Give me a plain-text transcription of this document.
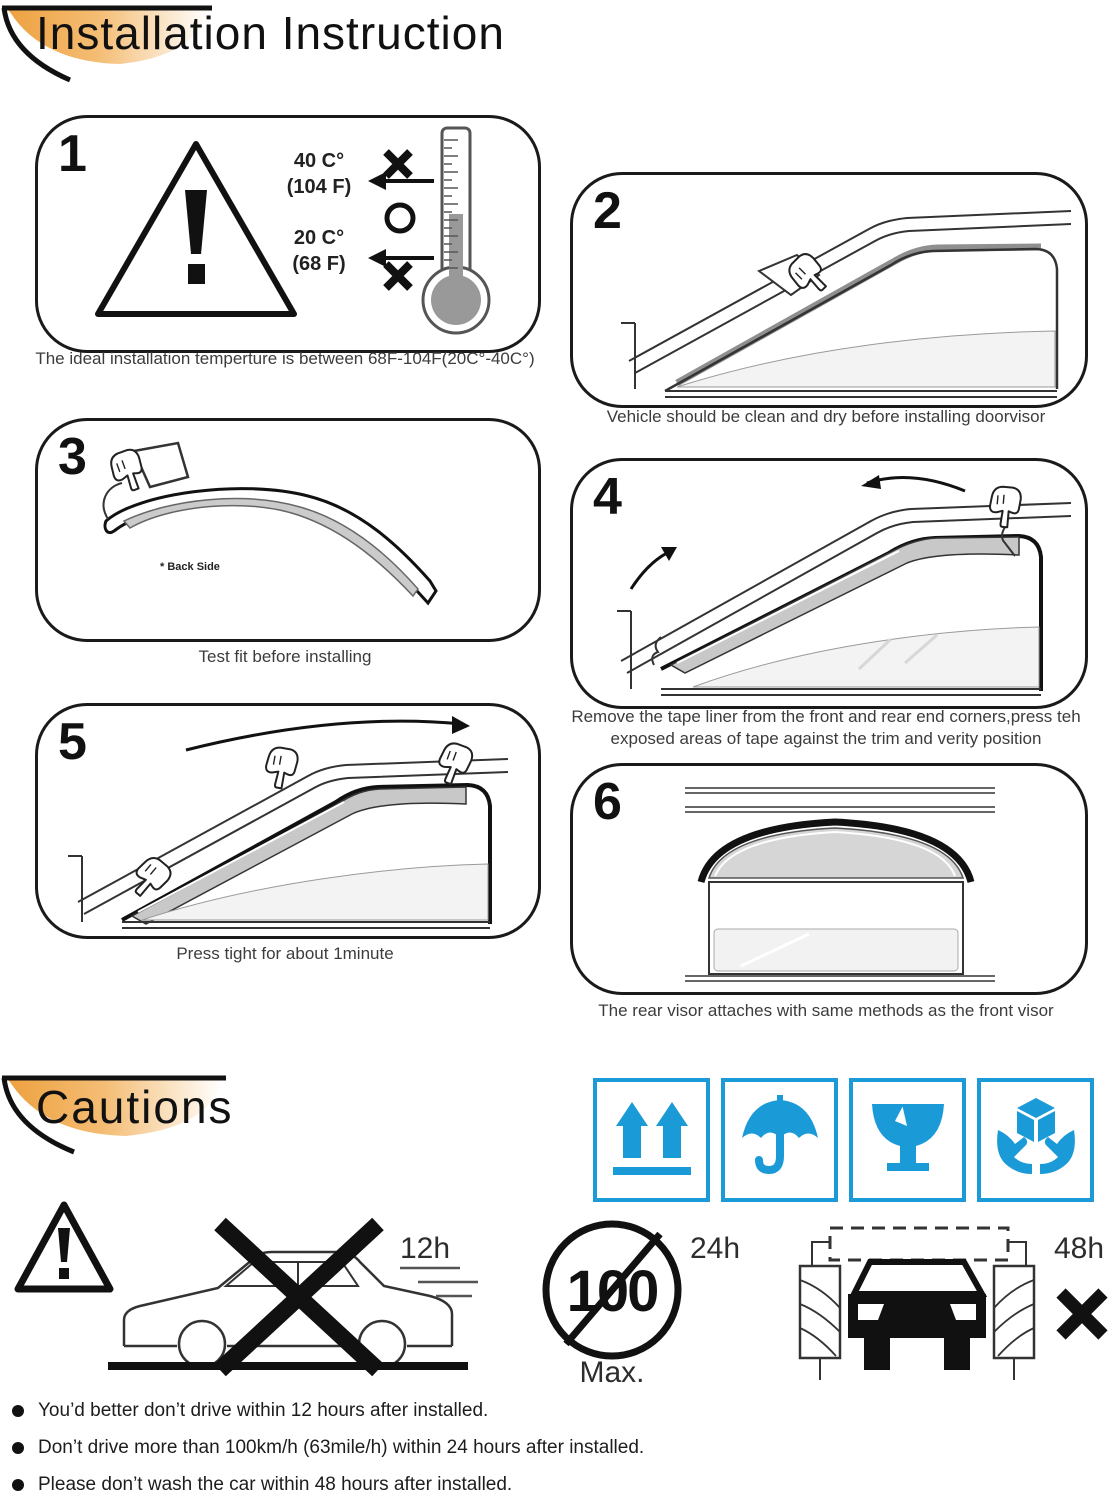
Installation Instruction
1	40 C°
(104 F)
20 C°
(68 F)
The ideal installation temperture is between 68F-104F(20C°-40C°)
2
Vehicle should be clean and dry before installing doorvisor
3
* Back Side
Test fit before installing
4
Remove the tape liner from the front and rear end corners,press teh exposed areas of tape against the trim and verity position
5
Press tight for about 1minute
6
The rear visor attaches with same methods as the front visor
Cautions
12h
100
24h
Max.
48h
You’d better don’t drive within 12 hours after installed.
Don’t drive more than 100km/h (63mile/h) within 24 hours after installed.
Please don’t wash the car within 48 hours after installed.
